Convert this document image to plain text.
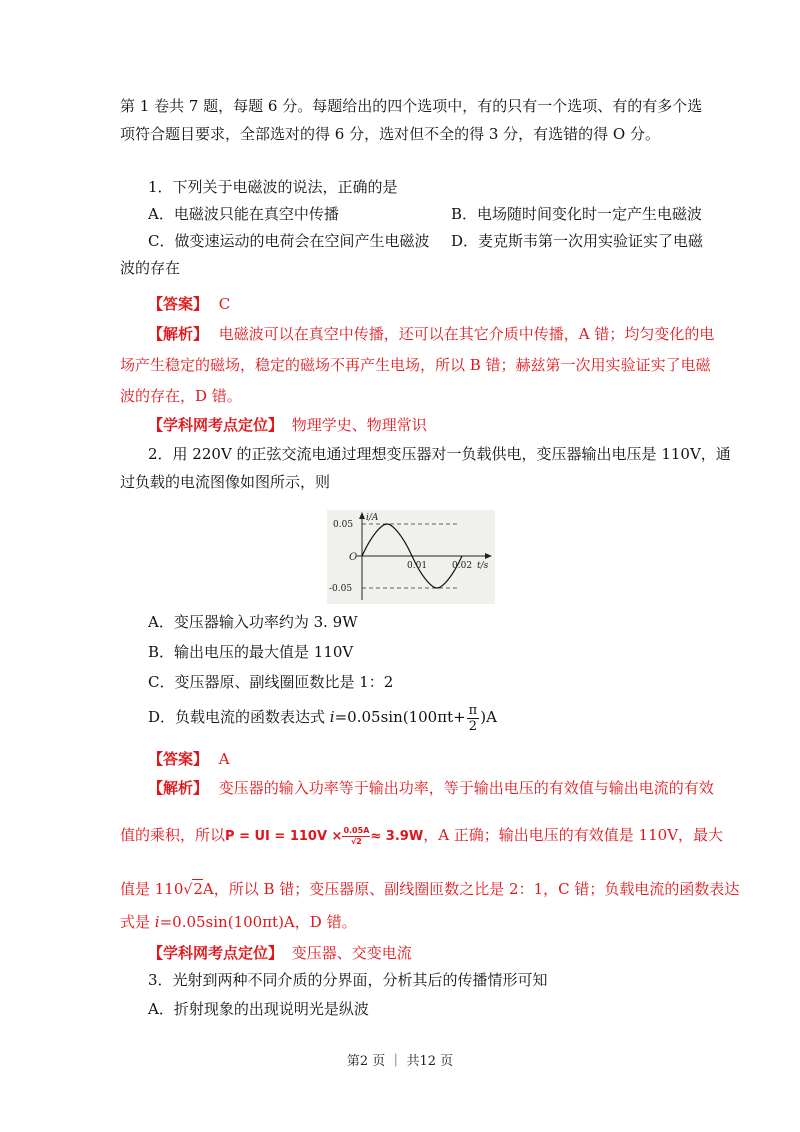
第 1 卷共 7 题，每题 6 分。每题给出的四个选项中，有的只有一个选项、有的有多个选
项符合题目要求，全部选对的得 6 分，选对但不全的得 3 分，有选错的得 O 分。
1．下列关于电磁波的说法，正确的是
A．电磁波只能在真空中传播	B．电场随时间变化时一定产生电磁波
C．做变速运动的电荷会在空间产生电磁波 D．麦克斯韦第一次用实验证实了电磁
波的存在
【答案】 C
【解析】 电磁波可以在真空中传播，还可以在其它介质中传播，A 错；均匀变化的电
场产生稳定的磁场，稳定的磁场不再产生电场，所以 B 错；赫兹第一次用实验证实了电磁
波的存在，D 错。
【学科网考点定位】 物理学史、物理常识
2．用 220V 的正弦交流电通过理想变压器对一负载供电，变压器输出电压是 110V，通
过负载的电流图像如图所示，则
i/A
0.05
-0.05
O
0.01	0.02 t/s
A．变压器输入功率约为 3. 9W
B．输出电压的最大值是 110V
C．变压器原、副线圈匝数比是 1：2
D．负载电流的函数表达式 $i=0.05\sin(100\pi t+ \frac{\pi}{2} )A$
【答案】 A
【解析】 变压器的输入功率等于输出功率，等于输出电压的有效值与输出电流的有效
值的乘积，所以P = UI = $110V \times \frac{0.05A}{√2} \approx 3.9W$，A 正确；输出电压的有效值是 110V，最大
值是 110√2A，所以 B 错；变压器原、副线圈匝数之比是 2：1，C 错；负载电流的函数表达
式是 i=0.05sin(100πt)A，D 错。
【学科网考点定位】 变压器、交变电流
3．光射到两种不同介质的分界面，分析其后的传播情形可知
A．折射现象的出现说明光是纵波
第2 页 ｜ 共12 页
